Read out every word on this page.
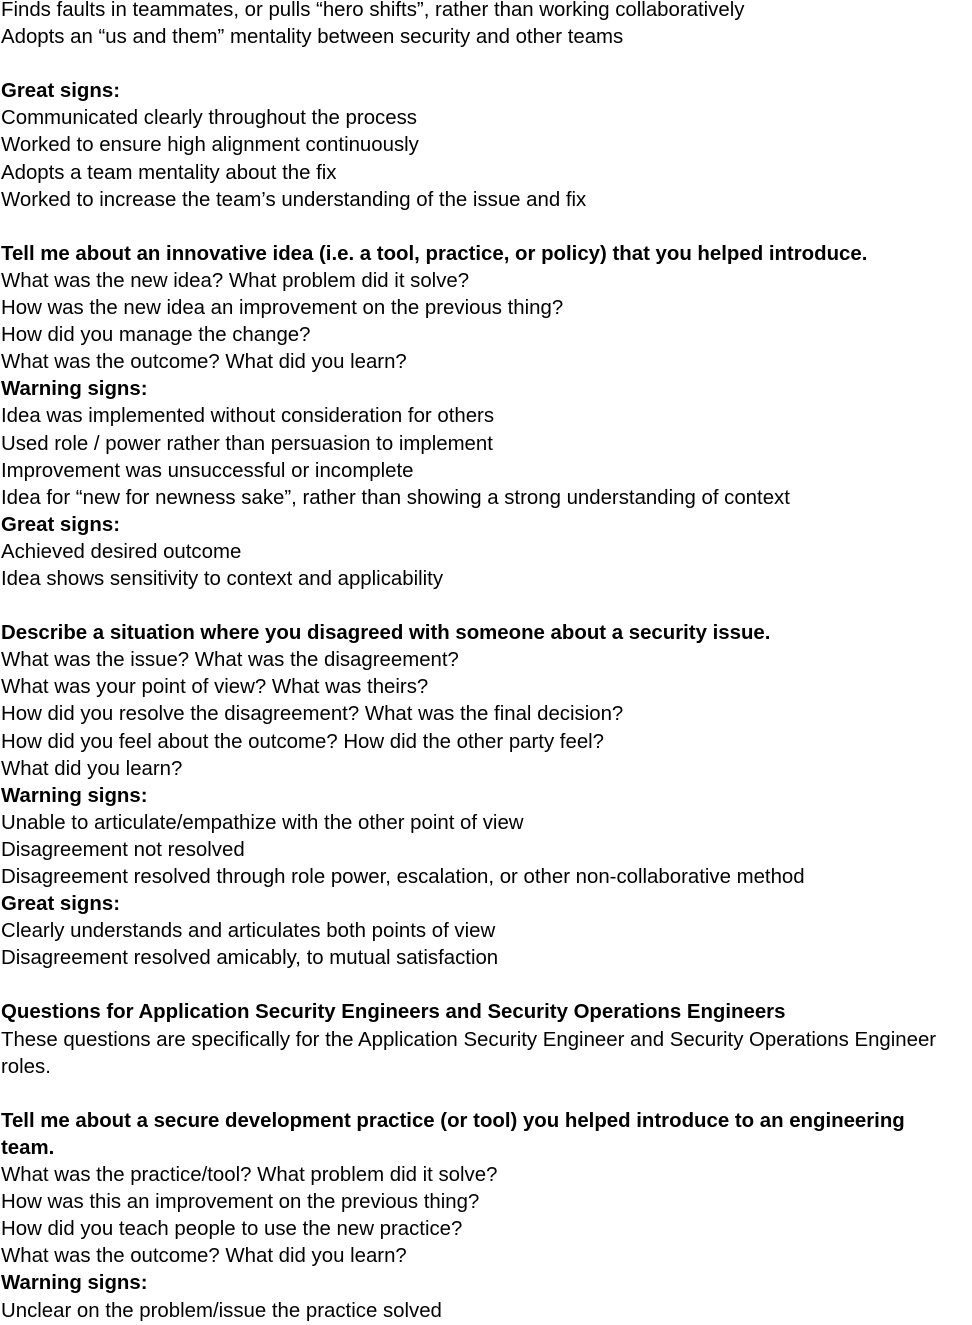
Finds faults in teammates, or pulls “hero shifts”, rather than working collaboratively
Adopts an “us and them” mentality between security and other teams
Great signs:
Communicated clearly throughout the process
Worked to ensure high alignment continuously
Adopts a team mentality about the fix
Worked to increase the team’s understanding of the issue and fix
Tell me about an innovative idea (i.e. a tool, practice, or policy) that you helped introduce.
What was the new idea? What problem did it solve?
How was the new idea an improvement on the previous thing?
How did you manage the change?
What was the outcome? What did you learn?
Warning signs:
Idea was implemented without consideration for others
Used role / power rather than persuasion to implement
Improvement was unsuccessful or incomplete
Idea for “new for newness sake”, rather than showing a strong understanding of context
Great signs:
Achieved desired outcome
Idea shows sensitivity to context and applicability
Describe a situation where you disagreed with someone about a security issue.
What was the issue? What was the disagreement?
What was your point of view? What was theirs?
How did you resolve the disagreement? What was the final decision?
How did you feel about the outcome? How did the other party feel?
What did you learn?
Warning signs:
Unable to articulate/empathize with the other point of view
Disagreement not resolved
Disagreement resolved through role power, escalation, or other non-collaborative method
Great signs:
Clearly understands and articulates both points of view
Disagreement resolved amicably, to mutual satisfaction
Questions for Application Security Engineers and Security Operations Engineers
These questions are specifically for the Application Security Engineer and Security Operations Engineer roles.
Tell me about a secure development practice (or tool) you helped introduce to an engineering team.
What was the practice/tool? What problem did it solve?
How was this an improvement on the previous thing?
How did you teach people to use the new practice?
What was the outcome? What did you learn?
Warning signs:
Unclear on the problem/issue the practice solved
